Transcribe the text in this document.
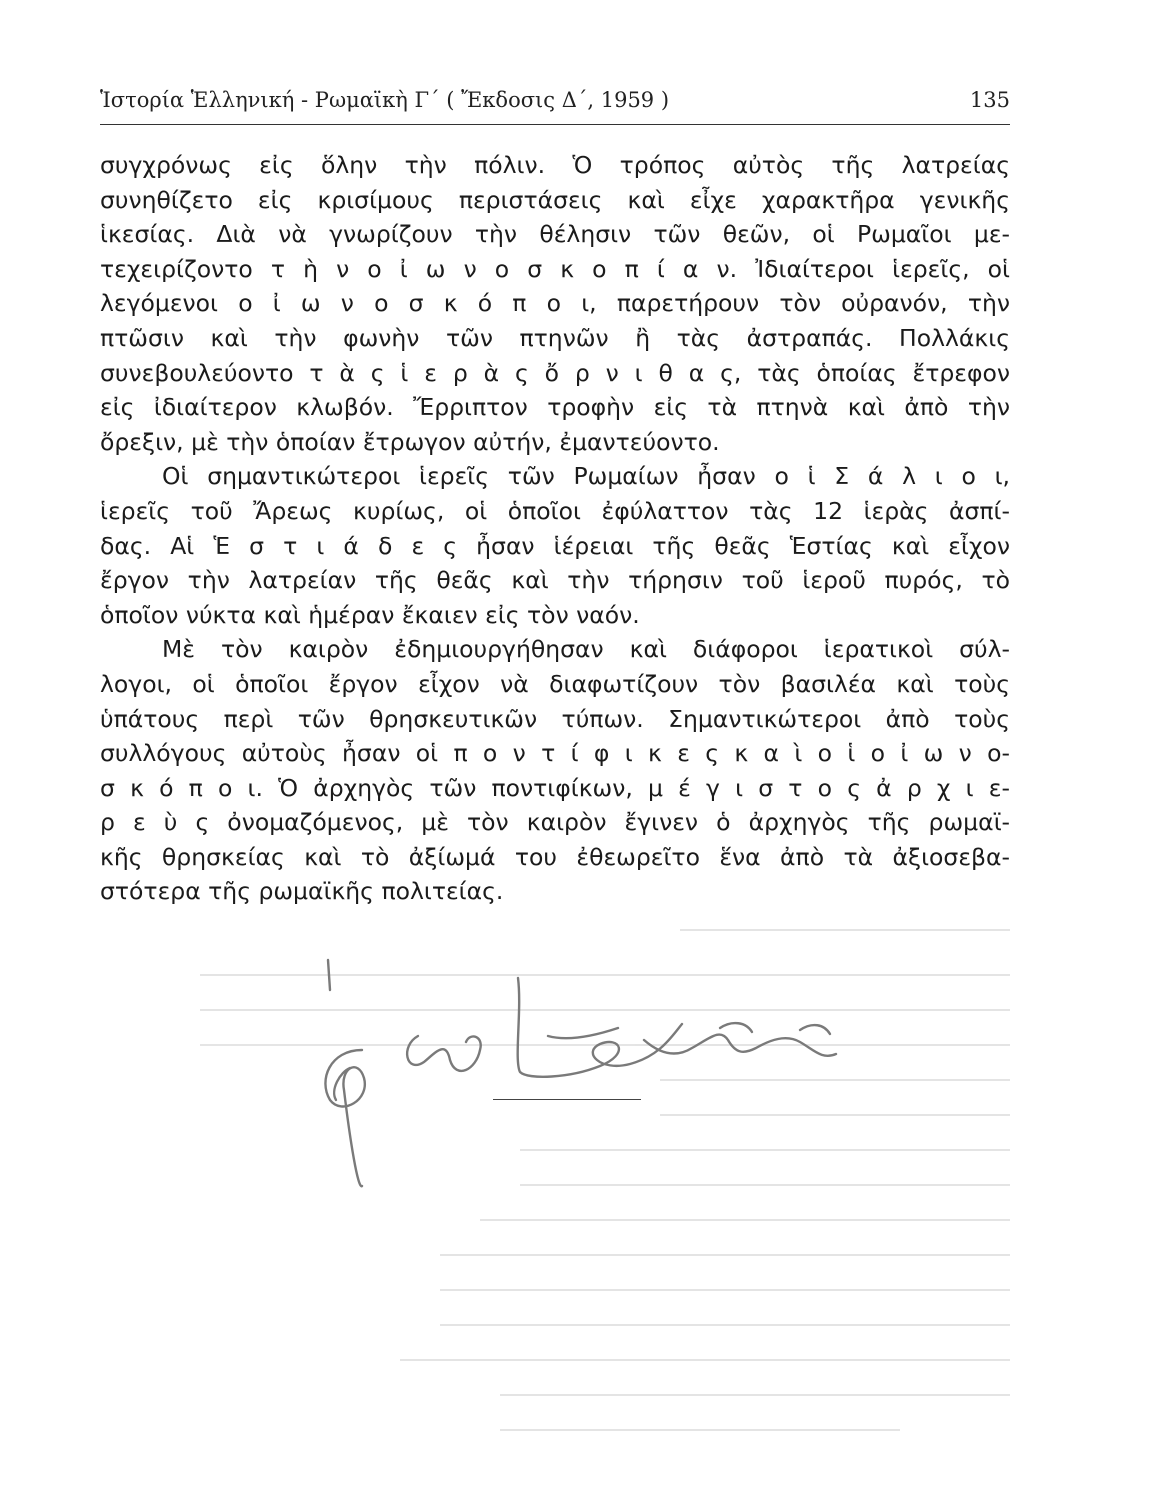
Ἱστορία Ἑλληνική - Ρωμαϊκὴ Γ΄ ( Ἔκδοσις Δ΄, 1959 )	135
συγχρόνως εἰς ὅλην τὴν πόλιν. Ὁ τρόπος αὐτὸς τῆς λατρείας
συνηθίζετο εἰς κρισίμους περιστάσεις καὶ εἶχε χαρακτῆρα γενικῆς
ἱκεσίας. Διὰ νὰ γνωρίζουν τὴν θέλησιν τῶν θεῶν, οἱ Ρωμαῖοι με-
τεχειρίζοντο τ ὴ ν ο ἰ ω ν ο σ κ ο π ί α ν. Ἰδιαίτεροι ἱερεῖς, οἱ
λεγόμενοι ο ἰ ω ν ο σ κ ό π ο ι, παρετήρουν τὸν οὐρανόν, τὴν
πτῶσιν καὶ τὴν φωνὴν τῶν πτηνῶν ἢ τὰς ἀστραπάς. Πολλάκις
συνεβουλεύοντο τ ὰ ς ἱ ε ρ ὰ ς ὄ ρ ν ι θ α ς, τὰς ὁποίας ἔτρεφον
εἰς ἰδιαίτερον κλωβόν. Ἔρριπτον τροφὴν εἰς τὰ πτηνὰ καὶ ἀπὸ τὴν
ὄρεξιν, μὲ τὴν ὁποίαν ἔτρωγον αὐτήν, ἐμαντεύοντο.
Οἱ σημαντικώτεροι ἱερεῖς τῶν Ρωμαίων ἦσαν ο ἱ Σ ά λ ι ο ι,
ἱερεῖς τοῦ Ἄρεως κυρίως, οἱ ὁποῖοι ἐφύλαττον τὰς 12 ἱερὰς ἀσπί-
δας. Αἱ Ἑ σ τ ι ά δ ε ς ἦσαν ἱέρειαι τῆς θεᾶς Ἑστίας καὶ εἶχον
ἔργον τὴν λατρείαν τῆς θεᾶς καὶ τὴν τήρησιν τοῦ ἱεροῦ πυρός, τὸ
ὁποῖον νύκτα καὶ ἡμέραν ἔκαιεν εἰς τὸν ναόν.
Μὲ τὸν καιρὸν ἐδημιουργήθησαν καὶ διάφοροι ἱερατικοὶ σύλ-
λογοι, οἱ ὁποῖοι ἔργον εἶχον νὰ διαφωτίζουν τὸν βασιλέα καὶ τοὺς
ὑπάτους περὶ τῶν θρησκευτικῶν τύπων. Σημαντικώτεροι ἀπὸ τοὺς
συλλόγους αὐτοὺς ἦσαν οἱ π ο ν τ ί φ ι κ ε ς κ α ὶ ο ἱ ο ἰ ω ν ο-
σ κ ό π ο ι. Ὁ ἀρχηγὸς τῶν ποντιφίκων, μ έ γ ι σ τ ο ς ἀ ρ χ ι ε-
ρ ε ὺ ς ὀνομαζόμενος, μὲ τὸν καιρὸν ἔγινεν ὁ ἀρχηγὸς τῆς ρωμαϊ-
κῆς θρησκείας καὶ τὸ ἀξίωμά του ἐθεωρεῖτο ἕνα ἀπὸ τὰ ἀξιοσεβα-
στότερα τῆς ρωμαϊκῆς πολιτείας.
